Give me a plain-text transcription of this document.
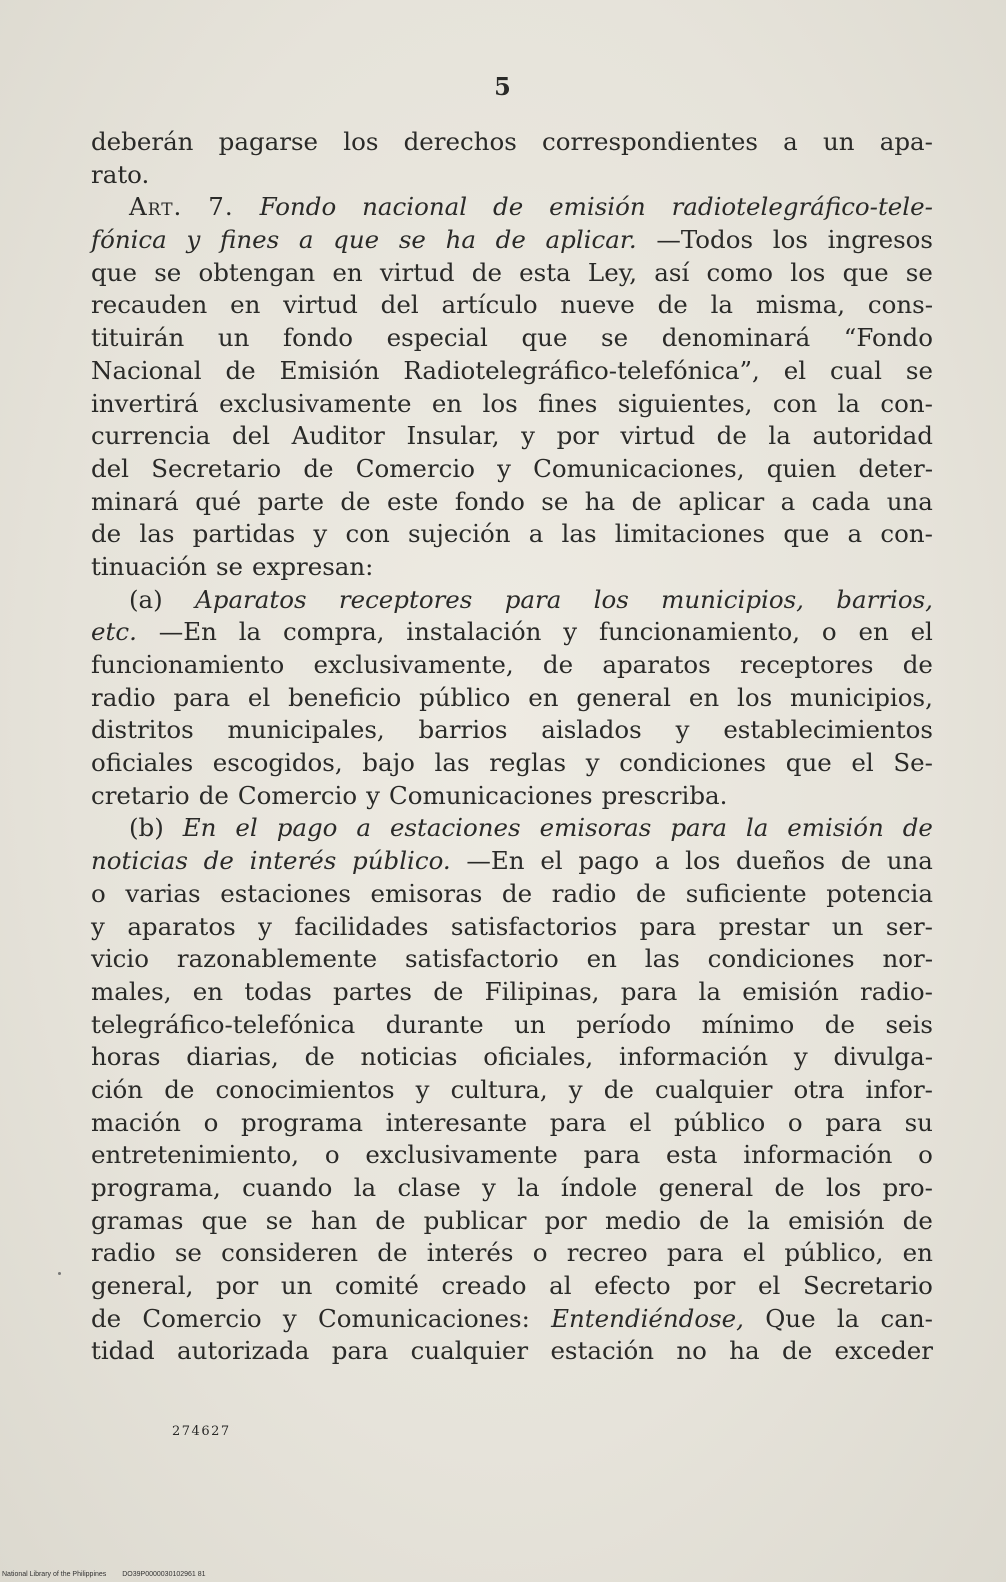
5
deberán pagarse los derechos correspondientes a un apa-
rato.
Art. 7. Fondo nacional de emisión radiotelegráfico-tele-
fónica y fines a que se ha de aplicar. —Todos los ingresos
que se obtengan en virtud de esta Ley, así como los que se
recauden en virtud del artículo nueve de la misma, cons-
tituirán un fondo especial que se denominará “Fondo
Nacional de Emisión Radiotelegráfico-telefónica”, el cual se
invertirá exclusivamente en los fines siguientes, con la con-
currencia del Auditor Insular, y por virtud de la autoridad
del Secretario de Comercio y Comunicaciones, quien deter-
minará qué parte de este fondo se ha de aplicar a cada una
de las partidas y con sujeción a las limitaciones que a con-
tinuación se expresan:
(a) Aparatos receptores para los municipios, barrios,
etc. —En la compra, instalación y funcionamiento, o en el
funcionamiento exclusivamente, de aparatos receptores de
radio para el beneficio público en general en los municipios,
distritos municipales, barrios aislados y establecimientos
oficiales escogidos, bajo las reglas y condiciones que el Se-
cretario de Comercio y Comunicaciones prescriba.
(b) En el pago a estaciones emisoras para la emisión de
noticias de interés público. —En el pago a los dueños de una
o varias estaciones emisoras de radio de suficiente potencia
y aparatos y facilidades satisfactorios para prestar un ser-
vicio razonablemente satisfactorio en las condiciones nor-
males, en todas partes de Filipinas, para la emisión radio-
telegráfico-telefónica durante un período mínimo de seis
horas diarias, de noticias oficiales, información y divulga-
ción de conocimientos y cultura, y de cualquier otra infor-
mación o programa interesante para el público o para su
entretenimiento, o exclusivamente para esta información o
programa, cuando la clase y la índole general de los pro-
gramas que se han de publicar por medio de la emisión de
radio se consideren de interés o recreo para el público, en
general, por un comité creado al efecto por el Secretario
de Comercio y Comunicaciones: Entendiéndose, Que la can-
tidad autorizada para cualquier estación no ha de exceder
274627
National Library of the Philippines DO39P0000030102961 81
